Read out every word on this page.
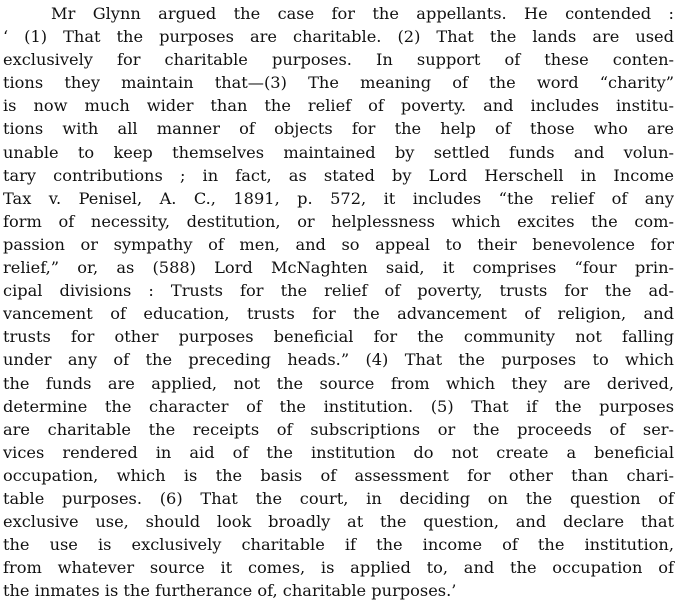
Mr Glynn argued the case for the appellants. He contended :
‘ (1) That the purposes are charitable. (2) That the lands are used
exclusively for charitable purposes. In support of these conten-
tions they maintain that—(3) The meaning of the word “charity”
is now much wider than the relief of poverty. and includes institu-
tions with all manner of objects for the help of those who are
unable to keep themselves maintained by settled funds and volun-
tary contributions ; in fact, as stated by Lord Herschell in Income
Tax v. Penisel, A. C., 1891, p. 572, it includes “the relief of any
form of necessity, destitution, or helplessness which excites the com-
passion or sympathy of men, and so appeal to their benevolence for
relief,” or, as (588) Lord McNaghten said, it comprises “four prin-
cipal divisions : Trusts for the relief of poverty, trusts for the ad-
vancement of education, trusts for the advancement of religion, and
trusts for other purposes beneficial for the community not falling
under any of the preceding heads.” (4) That the purposes to which
the funds are applied, not the source from which they are derived,
determine the character of the institution. (5) That if the purposes
are charitable the receipts of subscriptions or the proceeds of ser-
vices rendered in aid of the institution do not create a beneficial
occupation, which is the basis of assessment for other than chari-
table purposes. (6) That the court, in deciding on the question of
exclusive use, should look broadly at the question, and declare that
the use is exclusively charitable if the income of the institution,
from whatever source it comes, is applied to, and the occupation of
the inmates is the furtherance of, charitable purposes.’
